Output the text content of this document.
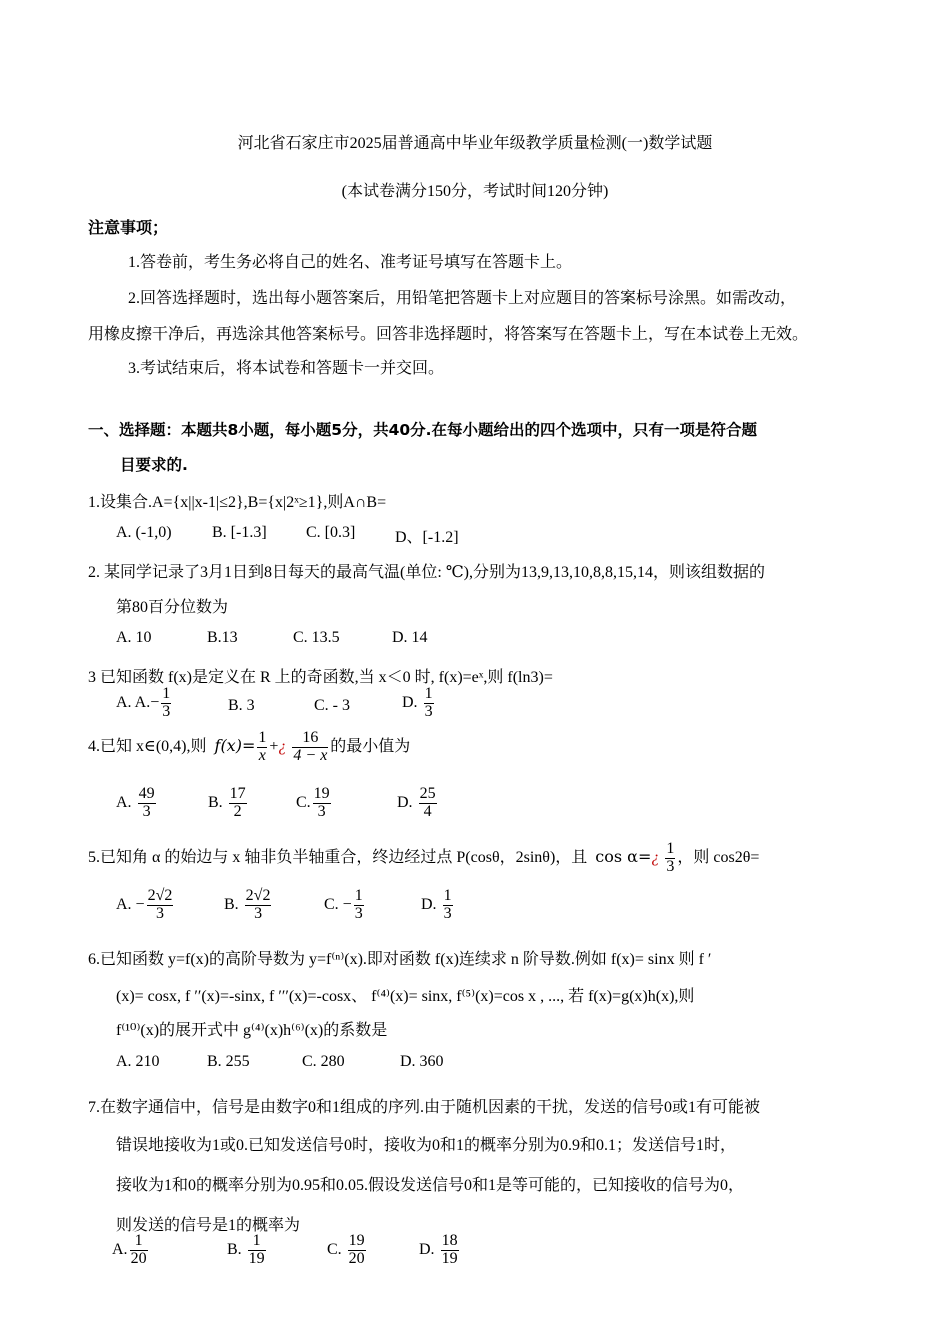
河北省石家庄市2025届普通高中毕业年级教学质量检测(一)数学试题
(本试卷满分150分，考试时间120分钟)
注意事项；
1.答卷前，考生务必将自己的姓名、准考证号填写在答题卡上。
2.回答选择题时，选出每小题答案后，用铅笔把答题卡上对应题目的答案标号涂黑。如需改动，
用橡皮擦干净后，再选涂其他答案标号。回答非选择题时，将答案写在答题卡上，写在本试卷上无效。
3.考试结束后，将本试卷和答题卡一并交回。
一、选择题：本题共8小题，每小题5分，共40分.在每小题给出的四个选项中，只有一项是符合题
目要求的.
1.设集合.A={x||x-1|≤2},B={x|2ˣ≥1},则A∩B=
A. (-1,0)	B. [-1.3] C. [0.3] D、[-1.2]
2. 某同学记录了3月1日到8日每天的最高气温(单位: ℃),分别为13,9,13,10,8,8,15,14，则该组数据的
第80百分位数为
A. 10	B.13	C. 13.5	D. 14
3 已知函数 f(x)是定义在 R 上的奇函数,当 x＜0 时, f(x)=eˣ,则 f(ln3)=
A. $A.- \frac{1}{3}$	B. 3	C. - 3	D. $\frac{1}{3}$
4.已知 x∈(0,4),则 $f(x)= \frac{1}{x}$ +¿ $\frac{16}{4 - x}$ 的最小值为
A. $\frac{49}{3}$	B. $\frac{17}{2}$	C. $\frac{19}{3}$	D. $\frac{25}{4}$
5.已知角 α 的始边与 x 轴非负半轴重合，终边经过点 P(cosθ，2sinθ)，且 cos α=¿ $\frac{1}{3}$ ，则 cos2θ=
A. − $\frac{2√2}{3}$	B. $\frac{2√2}{3}$	C. − $\frac{1}{3}$	D. $\frac{1}{3}$
6.已知函数 y=f(x)的高阶导数为 y=f⁽ⁿ⁾(x).即对函数 f(x)连续求 n 阶导数.例如 f(x)= sinx 则 f ′
(x)= cosx, f ′′(x)=-sinx, f ′′′(x)=-cosx、 f⁽⁴⁾(x)= sinx, f⁽⁵⁾(x)=cos x , ..., 若 f(x)=g(x)h(x),则
f⁽¹⁰⁾(x)的展开式中 g⁽⁴⁾(x)h⁽⁶⁾(x)的系数是
A. 210	B. 255	C. 280	D. 360
7.在数字通信中，信号是由数字0和1组成的序列.由于随机因素的干扰，发送的信号0或1有可能被
错误地接收为1或0.已知发送信号0时，接收为0和1的概率分别为0.9和0.1；发送信号1时，
接收为1和0的概率分别为0.95和0.05.假设发送信号0和1是等可能的，已知接收的信号为0，
则发送的信号是1的概率为
A. $\frac{1}{20}$	B. $\frac{1}{19}$	C. $\frac{19}{20}$	D. $\frac{18}{19}$
